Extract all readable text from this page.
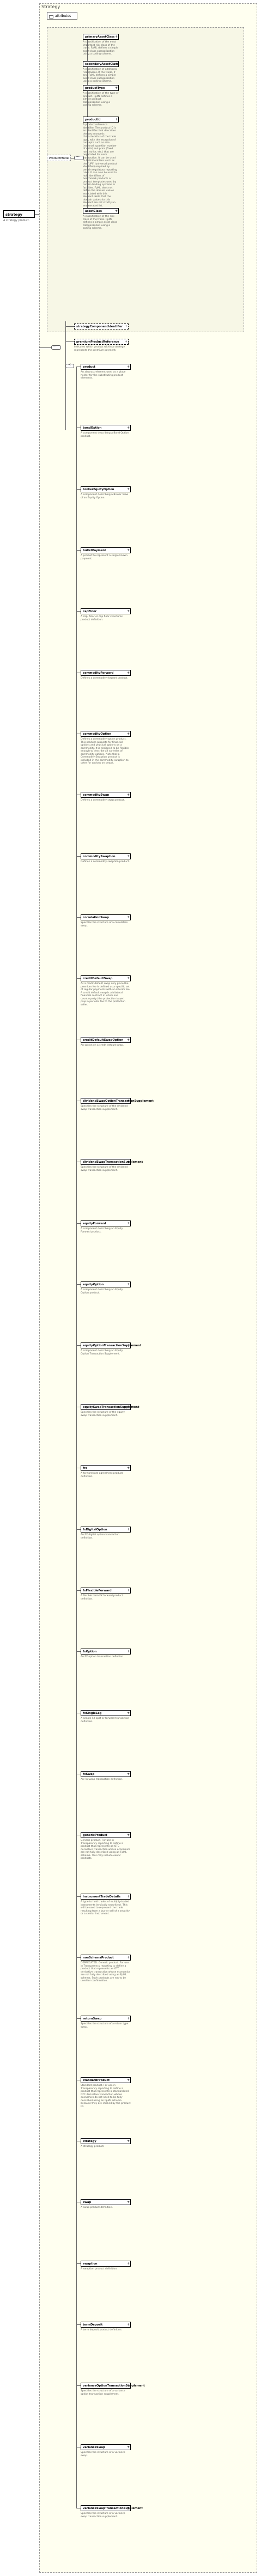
Strategy
strategy
A strategy product.
attributes
ProductModel
····
primaryAssetClass +
A classification of the most important risk class of the trade. FpML defines a simple asset class categorization using a coding scheme.
secondaryAssetClass +
A classification of additional risk classes of the trade, if any. FpML defines a simple asset class categorization using a coding scheme.
productType +
A classification of the type of product. FpML defines a simple product categorization using a coding scheme.
productId +
A product reference identifier. The product ID is an identifier that describes the key economic characteristics of the trade type, with the exception of concepts such as size (notional, quantity, number of units) and price (fixed rate, strike, etc.) that are negotiated for each transaction. It can be used to hold identifiers such as the "UPI" (universal product identifier) required by certain regulatory reporting rules. It can also be used to hold identifiers of benchmark products or product temptates used by certain trading systems or facilities. FpML does not define the domain values associated with this element. Note that the domain values for this element are not strictly an enumerated list.
assetClass +
A classification of the risk class of the trade. FpML defines a simple asset class categorization using a coding scheme.
····
strategyComponentIdentifier +
premiumProductReference +
Indicates which product within a strategy represents the premium payment.
·<·
product +
An abstract element used as a place holder for the substituting product elements.
bondOption +
A component describing a Bond Option product.
brokerEquityOption +
A component describing a Broker View of an Equity Option.
bulletPayment +
A product to represent a single known payment.
capFloor +
A cap, floor or cap floor structures product definition.
commodityForward +
Defines a commodity forward product.
commodityOption +
Defines a commodity option product. This product supports for financial options and physical options on a commodity. It is designed to be flexible enough to describe all varieties of commodity options. Note that a Commodity Swaption product is included in the commodity swaption to cater for options on swaps.
commoditySwap +
Defines a commodity swap product.
commoditySwaption +
Defines a commodity swaption product.
correlationSwap +
Specifies the structure of a correlation swap.
creditDefaultSwap +
As a credit default swap only place the premium fee is defined as a specific set of regular payments with an interim fee. A credit default swap is a bilateral financial contract in which one counterparty (the protection buyer) pays a periodic fee to the protection seller.
creditDefaultSwapOption +
An option on a credit default swap.
dividendSwapOptionTransactionSupplement +
Specifies the structure of the dividend swap transaction supplement.
dividendSwapTransactionSupplement +
Specifies the structure of the dividend swap transaction supplement.
equityForward +
A component describing an Equity Forward product.
equityOption +
A component describing an Equity Option product.
equityOptionTransactionSupplement +
A component describing an Equity Option Transaction Supplement.
equitySwapTransactionSupplement +
Specifies the structure of the equity swap transaction supplement.
fra +
A forward rate agreement product definition.
fxDigitalOption +
An FX digital option transaction definition.
fxFlexibleForward +
A flexible term FX forward product definition.
fxOption +
An FX option transaction definition.
fxSingleLeg +
A simple FX spot or forward transaction definition.
fxSwap +
An FX Swap transaction definition.
genericProduct +
Generic product. For use in Transparency reporting to define a product that represents an OTC derivative transaction whose economics are not fully described using an FpML schema. This may include exotic products.
instrumentTradeDetails +
A type to hold trades of multiply-traded instruments (typically securities). This will be used to represent the trade resulting from a buy or sell of a security or a similar instrument.
nonSchemaProduct +
DEPRECATED: Generic product. For use in Transparency reporting to define a product that represents an OTC derivative transaction whose economics are not fully described using an FpML schema. Such products are not to be used for confirmation.
returnSwap +
Specifies the structure of a return type swap.
standardProduct +
Standard product. For use in Transparency reporting to define a product that represents a standardized OTC derivative transaction whose economics do not need to be fully described using an FpML schema because they are implied by the product ID.
strategy +
A strategy product.
swap +
A swap product definition.
swaption +
A swaption product definition.
termDeposit +
A term deposit product definition.
varianceOptionTransactionSupplement +
Specifies the structure of a variance option transaction supplement.
varianceSwap +
Specifies the structure of a variance swap.
varianceSwapTransactionSupplement +
Specifies the structure of a variance swap transaction supplement.
